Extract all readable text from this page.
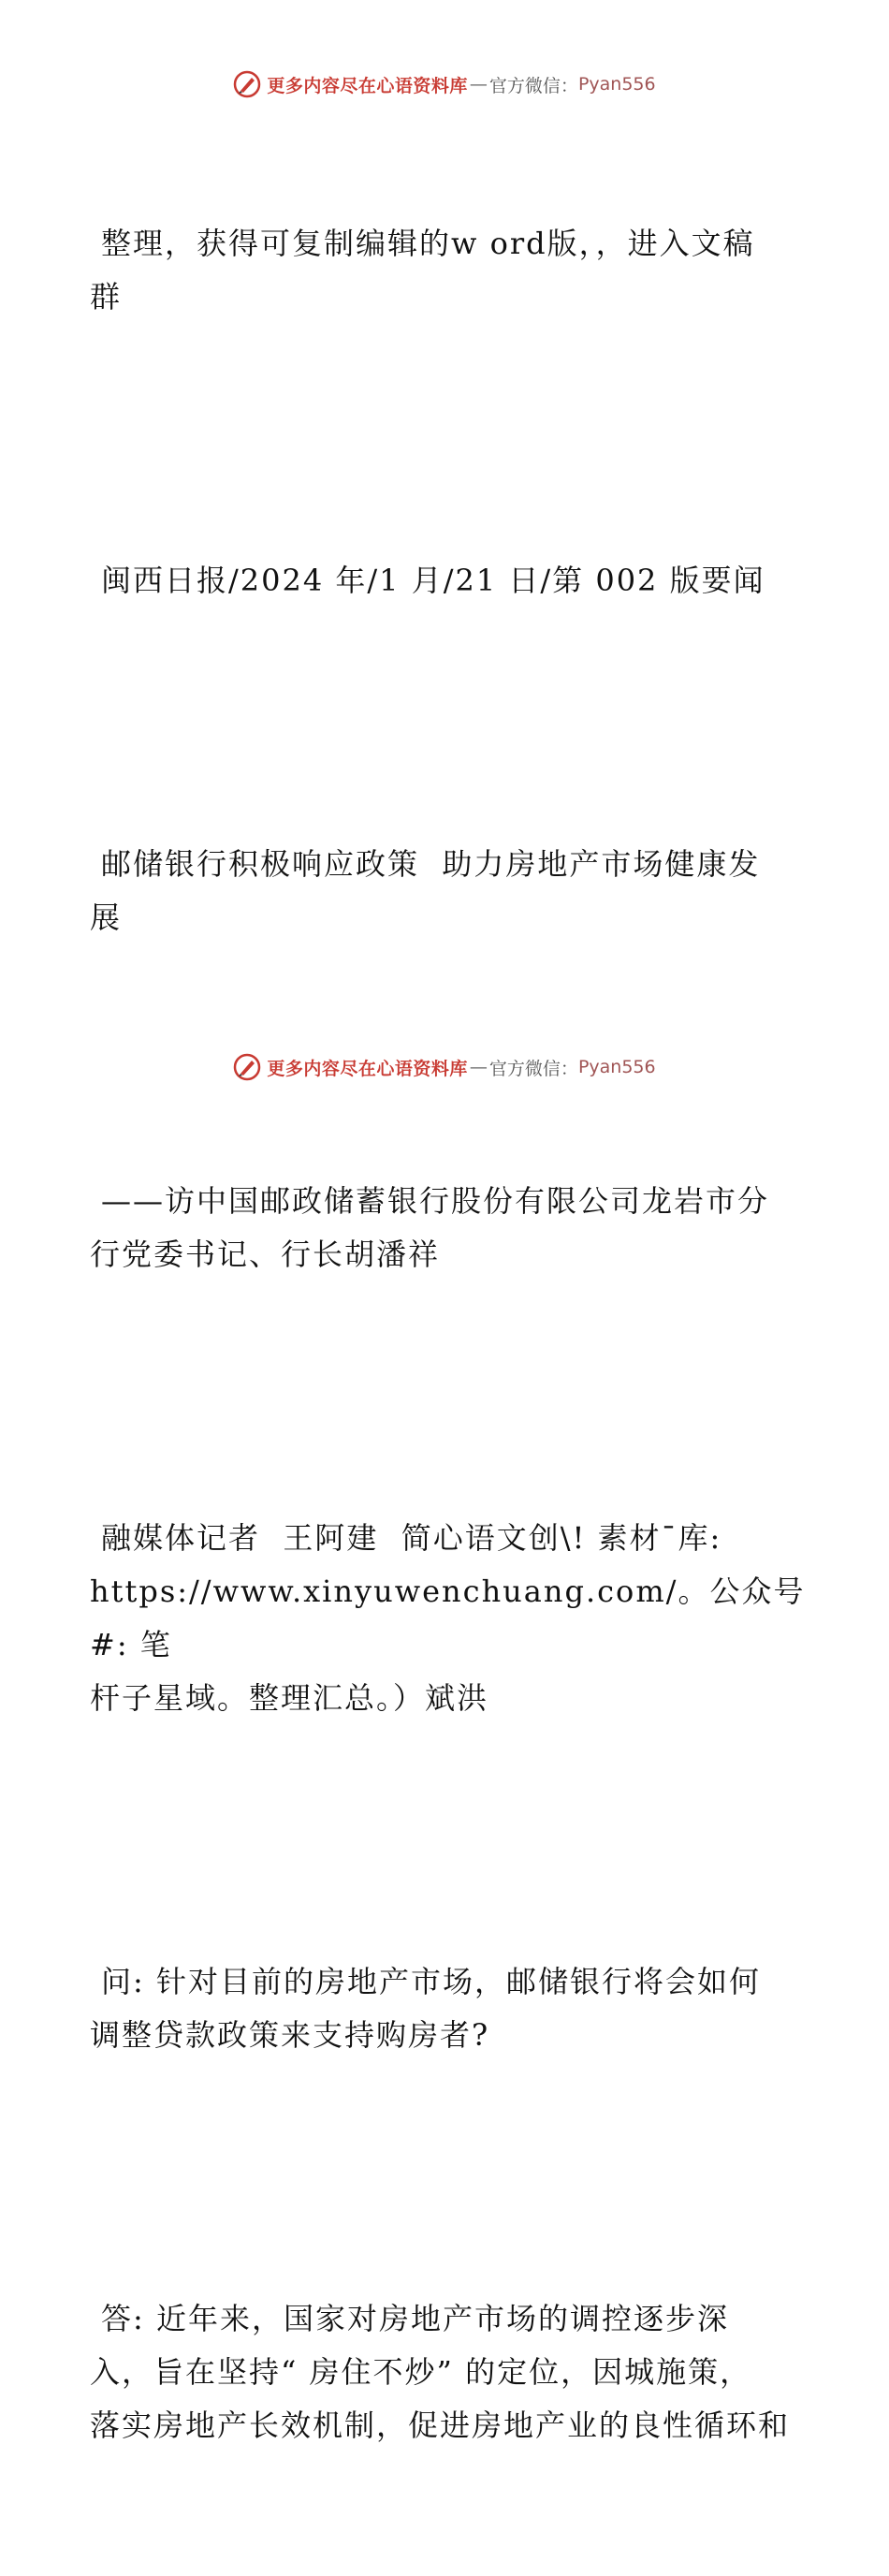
更多内容尽在心语资料库 — 官方微信： Pyan556

整理，获得可复制编辑的w ord版，，进入文稿
群

闽西日报/2024 年/1 月/21 日/第 002 版要闻

邮储银行积极响应政策  助力房地产市场健康发
展

——访中国邮政储蓄银行股份有限公司龙岩市分
行党委书记、行长胡潘祥

融媒体记者  王阿建  简心语文创\! 素材¯库:
https://www.xinyuwenchuang.com/。公众号#: 笔
杆子星域。整理汇总。）斌洪

问: 针对目前的房地产市场，邮储银行将会如何
调整贷款政策来支持购房者?

答: 近年来，国家对房地产市场的调控逐步深
入，旨在坚持“ 房住不炒” 的定位，因城施策，
落实房地产长效机制，促进房地产业的良性循环和

更多内容尽在心语资料库 — 官方微信： Pyan556
